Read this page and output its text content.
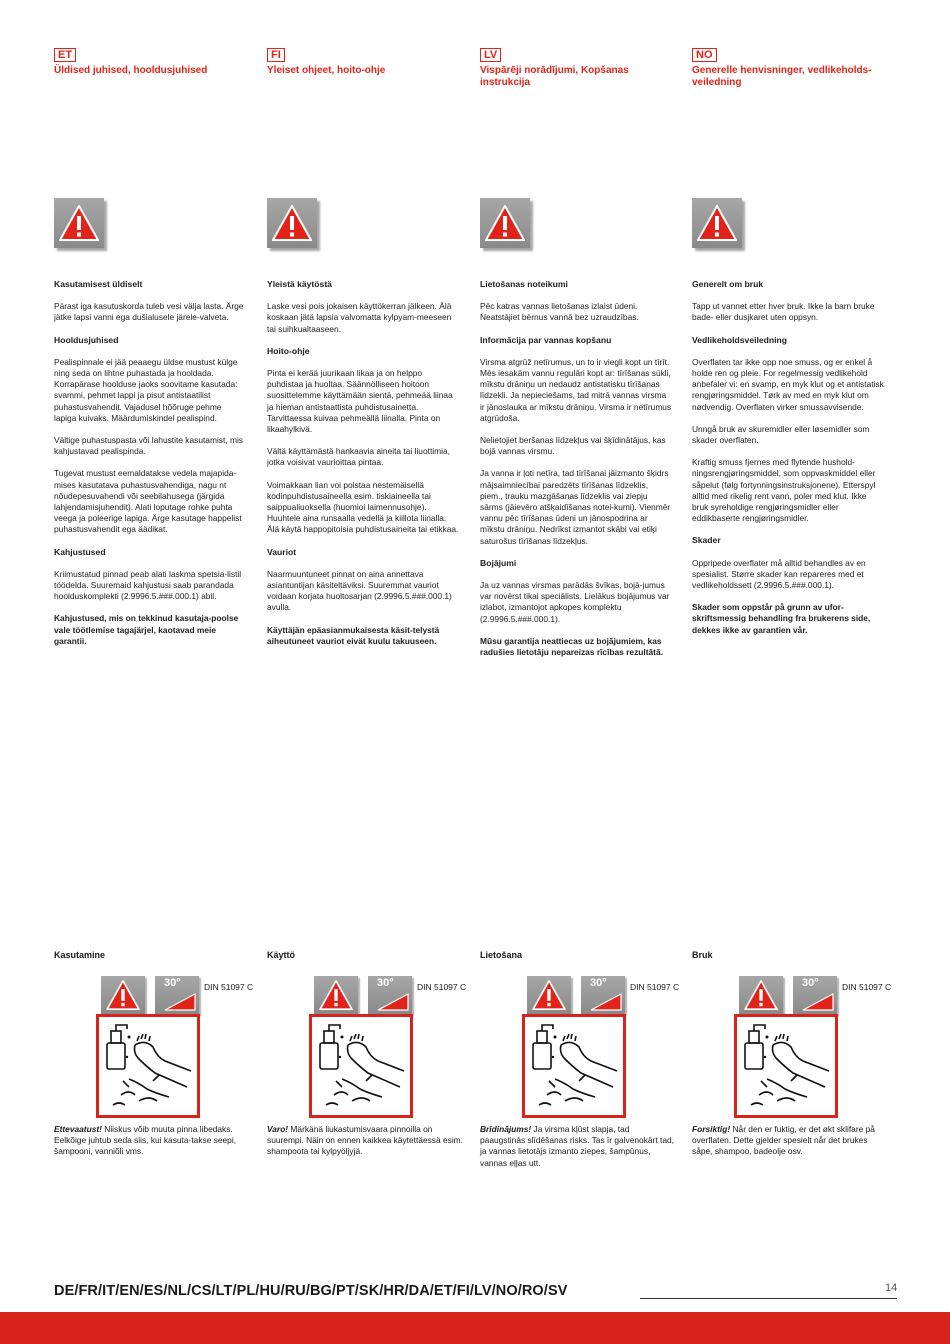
ET
Üldised juhised, hooldusjuhised
Kasutamisest üldiselt

Pärast iga kasutuskorda tuleb vesi välja lasta. Ärge jätke lapsi vanni ega dušialusele järele-valveta.

Hooldusjuhised

Pealispinnale ei jää peaaegu üldse mustust külge ning seda on lihtne puhastada ja hooldada. Korrapärase hoolduse jaoks soovitame kasutada: svammi, pehmet lappi ja pisut antistaatilist puhastusvahendit. Vajadusel hõõruge pehme lapiga kuivaks. Määrdumiskindel pealispind.

Vältige puhastuspasta või lahustite kasutamist, mis kahjustavad pealispinda.

Tugevat mustust eemaldatakse vedela majapida-mises kasutatava puhastusvahendiga, nagu nt nõudepesuvahendi või seebilahusega (järgida lahjendamisjuhendit). Alati loputage rohke puhta veega ja poleerige lapiga. Ärge kasutage happelist puhastusvahendit ega äädikat.

Kahjustused

Kriimustatud pinnad peab alati laskma spetsia-listil töödelda. Suuremaid kahjustusi saab parandada hoolduskomplekti (2.9996.5.###.000.1) abil.

Kahjustused, mis on tekkinud kasutaja-poolse vale töötlemise tagajärjel, kaotavad meie garantii.

Kasutamine
30°	DIN 51097 C
Ettevaatust! Niiskus võib muuta pinna libedaks. Eelkõige juhtub seda siis, kui kasuta-takse seepi, šampooni, vanniõli vms.
FI
Yleiset ohjeet, hoito-ohje
Yleistä käytöstä

Laske vesi pois jokaisen käyttökerran jälkeen. Älä koskaan jätä lapsia valvomatta kylpyam-meeseen tai suihkualtaaseen.

Hoito-ohje

Pinta ei kerää juurikaan likaa ja on helppo puhdistaa ja huoltaa. Säännölliseen hoitoon suosittelemme käyttämään sientä, pehmeää liinaa ja hieman antistaattista puhdistusainetta. Tarvittaessa kuivaa pehmeällä liinalla. Pinta on likaahylkivä.

Vältä käyttämästä hankaavia aineita tai liuottimia, jotka voisivat vaurioittaa pintaa.

Voimakkaan lian voi poistaa nestemäisellä kodinpuhdistusaineella esim. tiskiaineella tai saippualiuoksella (huomioi laimennusohje). Huuhtele aina runsaalla vedellä ja kiillota liinalla. Älä käytä happopitoisia puhdistusaineita tai etikkaa.

Vauriot

Naarmuuntuneet pinnat on aina annettava asiantuntijan käsiteltäviksi. Suuremmat vauriot voidaan korjata huoltosarjan (2.9996.5.###.000.1) avulla.

Käyttäjän epäasianmukaisesta käsit-telystä aiheutuneet vauriot eivät kuulu takuuseen.

Käyttö
30°	DIN 51097 C
Varo! Märkänä liukastumisvaara pinnoilla on suurempi. Näin on ennen kaikkea käytettäessä esim. shampoota tai kylpyöljyjä.
LV
Vispārēji norādījumi, Kopšanas instrukcija
Lietošanas noteikumi

Pēc katras vannas lietošanas izlaist ūdeni. Neatstājiet bērnus vannā bez uzraudzības.

Informācija par vannas kopšanu

Virsma atgrūž netīrumus, un to ir viegli kopt un tīrīt. Mēs iesakām vannu regulāri kopt ar: tīrīšanas sūkli, mīkstu drāniņu un nedaudz antistatisku tīrīšanas līdzekli. Ja nepieciešams, tad mitrā vannas virsma ir jānoslauka ar mīkstu drāniņu. Virsma ir netīrumus atgrūdoša.

Nelietojiet beršanas līdzekļus vai šķīdinātājus, kas bojā vannas virsmu.

Ja vanna ir ļoti netīra, tad tīrīšanai jāizmanto šķidrs mājsaimniecībai paredzēts tīrīšanas līdzeklis, piem., trauku mazgāšanas līdzeklis vai ziepju sārms (jāievēro atšķaidīšanas notei-kumi). Vienmēr vannu pēc tīrīšanas ūdeni un jānospodrina ar mīkstu drāniņu. Nedrīkst izmantot skābi vai etiķi saturošus tīrīšanas līdzekļus.

Bojājumi

Ja uz vannas virsmas parādās švīkas, bojā-jumus var novērst tikai speciālists. Lielākus bojājumus var izlabot, izmantojot apkopes komplektu (2.9996.5.###.000.1).

Mūsu garantija neattiecas uz bojājumiem, kas radušies lietotāju nepareizas rīcības rezultātā.

Lietošana
30°	DIN 51097 C
Brīdinājums! Ja virsma kļūst slapja, tad paaugstinās slīdēšanas risks. Tas īr galvenokārt tad, ja vannas lietotājs izmanto ziepes, šampūnus, vannas eļļas utt.
NO
Generelle henvisninger, vedlikeholds-veiledning
Generelt om bruk

Tapp ut vannet etter hver bruk. Ikke la barn bruke bade- eller dusjkaret uten oppsyn.

Vedlikeholdsveiledning

Overflaten tar ikke opp noe smuss, og er enkel å holde ren og pleie. For regelmessig vedlikehold anbefaler vi: en svamp, en myk klut og et antistatisk rengjøringsmiddel. Tørk av med en myk klut om nødvendig. Overflaten virker smussavvisende.

Unngå bruk av skuremidler eller løsemidler som skader overflaten.

Kraftig smuss fjernes med flytende hushold-ningsrengjøringsmiddel, som oppvaskmiddel eller såpelut (følg fortynningsinstruksjonene). Etterspyl alltid med rikelig rent vann, poler med klut. Ikke bruk syreholdige rengjøringsmidler eller eddikbaserte rengjøringsmidler.

Skader

Oppripede overflater må alltid behandles av en spesialist. Større skader kan repareres med et vedlikeholdssett (2.9996.5.###.000.1).

Skader som oppstår på grunn av ufor-skriftsmessig behandling fra brukerens side, dekkes ikke av garantien vår.

Bruk
30°	DIN 51097 C
Forsiktig! Når den er fuktig, er det økt sklifare på overflaten. Dette gjelder spesielt når det brukes såpe, shampoo, badeolje osv.
DE/FR/IT/EN/ES/NL/CS/LT/PL/HU/RU/BG/PT/SK/HR/DA/ET/FI/LV/NO/RO/SV	14
